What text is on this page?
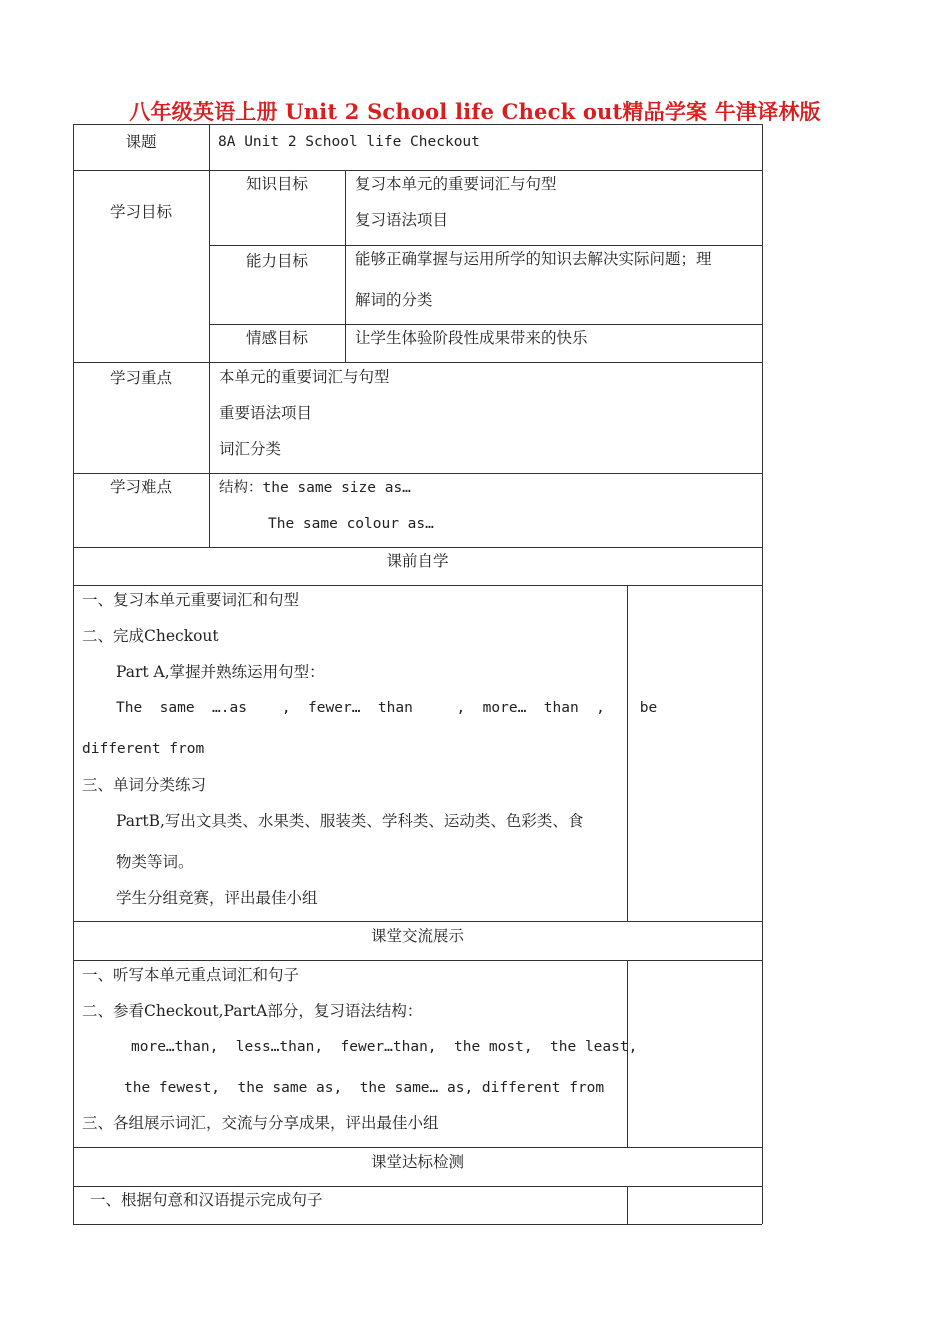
八年级英语上册 Unit 2 School life Check out精品学案 牛津译林版
课题	8A Unit 2 School life Checkout
学习目标
知识目标	复习本单元的重要词汇与句型
复习语法项目
能力目标	能够正确掌握与运用所学的知识去解决实际问题；理
解词的分类
情感目标	让学生体验阶段性成果带来的快乐
学习重点	本单元的重要词汇与句型
重要语法项目
词汇分类
学习难点	结构：the same size as…
The same colour as…
课前自学
一、复习本单元重要词汇和句型
二、完成Checkout
Part A,掌握并熟练运用句型：
The  same  ….as    ,  fewer…  than     ,  more…  than  ,    be
different from
三、单词分类练习
PartB,写出文具类、水果类、服装类、学科类、运动类、色彩类、食
物类等词。
学生分组竞赛，评出最佳小组
课堂交流展示
一、听写本单元重点词汇和句子
二、参看Checkout,PartA部分，复习语法结构：
more…than,  less…than,  fewer…than,  the most,  the least,
the fewest,  the same as,  the same… as, different from
三、各组展示词汇，交流与分享成果，评出最佳小组
课堂达标检测
一、根据句意和汉语提示完成句子
